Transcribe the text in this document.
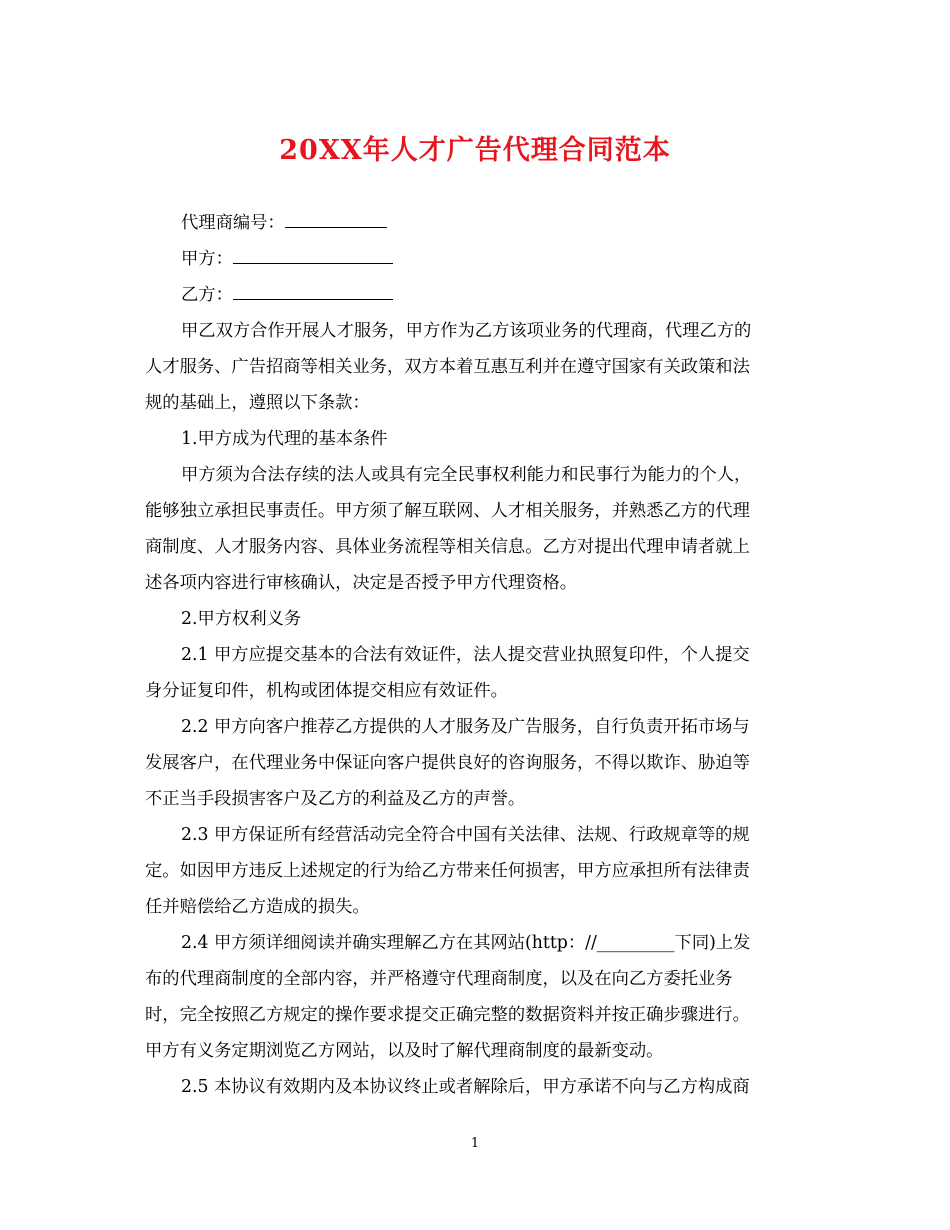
20XX年人才广告代理合同范本
代理商编号：
甲方：
乙方：
甲乙双方合作开展人才服务，甲方作为乙方该项业务的代理商，代理乙方的
人才服务、广告招商等相关业务，双方本着互惠互利并在遵守国家有关政策和法
规的基础上，遵照以下条款：
1.甲方成为代理的基本条件
甲方须为合法存续的法人或具有完全民事权利能力和民事行为能力的个人，
能够独立承担民事责任。甲方须了解互联网、人才相关服务，并熟悉乙方的代理
商制度、人才服务内容、具体业务流程等相关信息。乙方对提出代理申请者就上
述各项内容进行审核确认，决定是否授予甲方代理资格。
2.甲方权利义务
2.1 甲方应提交基本的合法有效证件，法人提交营业执照复印件，个人提交
身分证复印件，机构或团体提交相应有效证件。
2.2 甲方向客户推荐乙方提供的人才服务及广告服务，自行负责开拓市场与
发展客户，在代理业务中保证向客户提供良好的咨询服务，不得以欺诈、胁迫等
不正当手段损害客户及乙方的利益及乙方的声誉。
2.3 甲方保证所有经营活动完全符合中国有关法律、法规、行政规章等的规
定。如因甲方违反上述规定的行为给乙方带来任何损害，甲方应承担所有法律责
任并赔偿给乙方造成的损失。
2.4 甲方须详细阅读并确实理解乙方在其网站(http：//_________下同)上发
布的代理商制度的全部内容，并严格遵守代理商制度，以及在向乙方委托业务
时，完全按照乙方规定的操作要求提交正确完整的数据资料并按正确步骤进行。
甲方有义务定期浏览乙方网站，以及时了解代理商制度的最新变动。
2.5 本协议有效期内及本协议终止或者解除后，甲方承诺不向与乙方构成商
1
